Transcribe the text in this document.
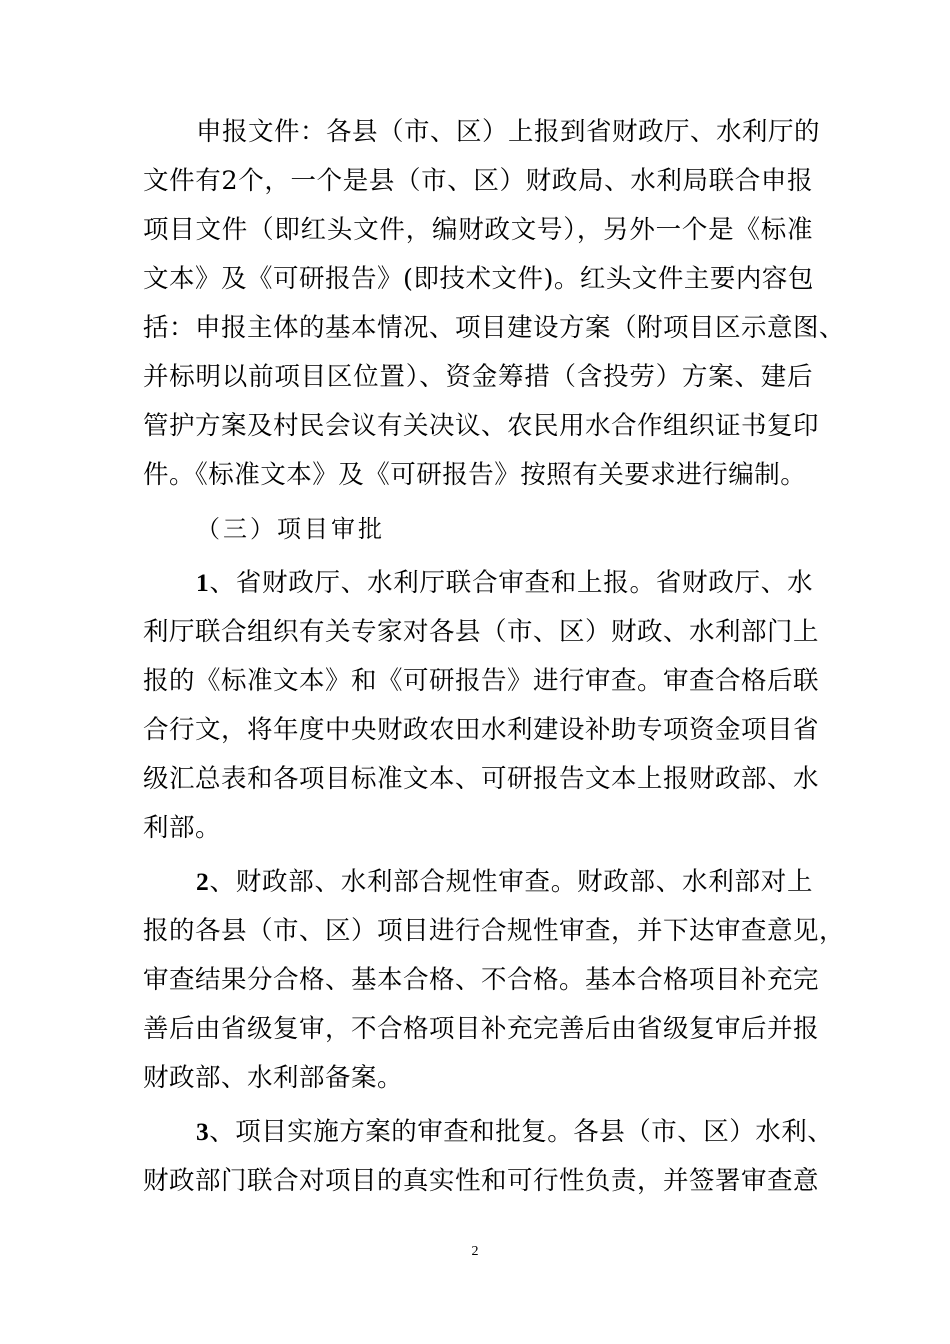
申报文件：各县（市、区）上报到省财政厅、水利厅的
文件有2个，一个是县（市、区）财政局、水利局联合申报
项目文件（即红头文件，编财政文号），另外一个是《标准
文本》及《可研报告》(即技术文件)。红头文件主要内容包
括：申报主体的基本情况、项目建设方案（附项目区示意图、
并标明以前项目区位置）、资金筹措（含投劳）方案、建后
管护方案及村民会议有关决议、农民用水合作组织证书复印
件。《标准文本》及《可研报告》按照有关要求进行编制。
（三）项目审批
1、省财政厅、水利厅联合审查和上报。省财政厅、水
利厅联合组织有关专家对各县（市、区）财政、水利部门上
报的《标准文本》和《可研报告》进行审查。审查合格后联
合行文，将年度中央财政农田水利建设补助专项资金项目省
级汇总表和各项目标准文本、可研报告文本上报财政部、水
利部。
2、财政部、水利部合规性审查。财政部、水利部对上
报的各县（市、区）项目进行合规性审查，并下达审查意见，
审查结果分合格、基本合格、不合格。基本合格项目补充完
善后由省级复审，不合格项目补充完善后由省级复审后并报
财政部、水利部备案。
3、项目实施方案的审查和批复。各县（市、区）水利、
财政部门联合对项目的真实性和可行性负责，并签署审查意
2
